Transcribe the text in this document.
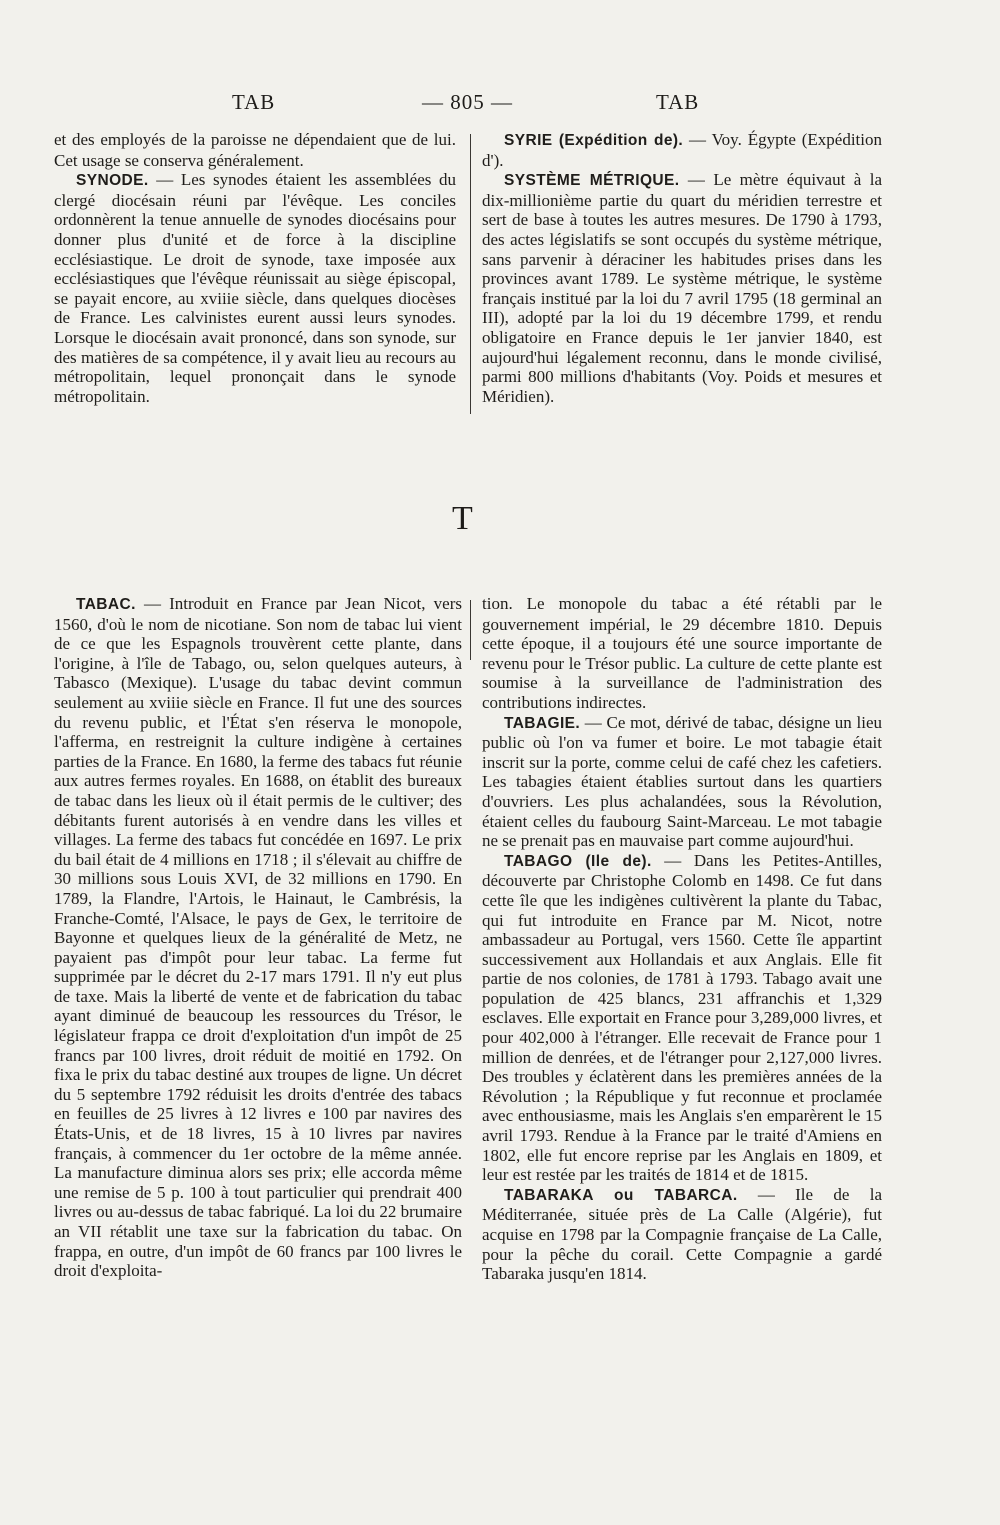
TAB	— 805 —	TAB

et des employés de la paroisse ne dépendaient que de lui. Cet usage se conserva généralement.

SYNODE. — Les synodes étaient les assemblées du clergé diocésain réuni par l'évêque. Les conciles ordonnèrent la tenue annuelle de synodes diocésains pour donner plus d'unité et de force à la discipline ecclésiastique. Le droit de synode, taxe imposée aux ecclésiastiques que l'évêque réunissait au siège épiscopal, se payait encore, au xviiie siècle, dans quelques diocèses de France. Les calvinistes eurent aussi leurs synodes. Lorsque le diocésain avait prononcé, dans son synode, sur des matières de sa compétence, il y avait lieu au recours au métropolitain, lequel prononçait dans le synode métropolitain.

SYRIE (Expédition de). — Voy. Égypte (Expédition d').

SYSTÈME MÉTRIQUE. — Le mètre équivaut à la dix-millionième partie du quart du méridien terrestre et sert de base à toutes les autres mesures. De 1790 à 1793, des actes législatifs se sont occupés du système métrique, sans parvenir à déraciner les habitudes prises dans les provinces avant 1789. Le système métrique, le système français institué par la loi du 7 avril 1795 (18 germinal an III), adopté par la loi du 19 décembre 1799, et rendu obligatoire en France depuis le 1er janvier 1840, est aujourd'hui légalement reconnu, dans le monde civilisé, parmi 800 millions d'habitants (Voy. Poids et mesures et Méridien).

T

TABAC. — Introduit en France par Jean Nicot, vers 1560, d'où le nom de nicotiane. Son nom de tabac lui vient de ce que les Espagnols trouvèrent cette plante, dans l'origine, à l'île de Tabago, ou, selon quelques auteurs, à Tabasco (Mexique). L'usage du tabac devint commun seulement au xviiie siècle en France. Il fut une des sources du revenu public, et l'État s'en réserva le monopole, l'afferma, en restreignit la culture indigène à certaines parties de la France. En 1680, la ferme des tabacs fut réunie aux autres fermes royales. En 1688, on établit des bureaux de tabac dans les lieux où il était permis de le cultiver; des débitants furent autorisés à en vendre dans les villes et villages. La ferme des tabacs fut concédée en 1697. Le prix du bail était de 4 millions en 1718 ; il s'élevait au chiffre de 30 millions sous Louis XVI, de 32 millions en 1790. En 1789, la Flandre, l'Artois, le Hainaut, le Cambrésis, la Franche-Comté, l'Alsace, le pays de Gex, le territoire de Bayonne et quelques lieux de la généralité de Metz, ne payaient pas d'impôt pour leur tabac. La ferme fut supprimée par le décret du 2-17 mars 1791. Il n'y eut plus de taxe. Mais la liberté de vente et de fabrication du tabac ayant diminué de beaucoup les ressources du Trésor, le législateur frappa ce droit d'exploitation d'un impôt de 25 francs par 100 livres, droit réduit de moitié en 1792. On fixa le prix du tabac destiné aux troupes de ligne. Un décret du 5 septembre 1792 réduisit les droits d'entrée des tabacs en feuilles de 25 livres à 12 livres e 100 par navires des États-Unis, et de 18 livres, 15 à 10 livres par navires français, à commencer du 1er octobre de la même année. La manufacture diminua alors ses prix; elle accorda même une remise de 5 p. 100 à tout particulier qui prendrait 400 livres ou au-dessus de tabac fabriqué. La loi du 22 brumaire an VII rétablit une taxe sur la fabrication du tabac. On frappa, en outre, d'un impôt de 60 francs par 100 livres le droit d'exploita-

tion. Le monopole du tabac a été rétabli par le gouvernement impérial, le 29 décembre 1810. Depuis cette époque, il a toujours été une source importante de revenu pour le Trésor public. La culture de cette plante est soumise à la surveillance de l'administration des contributions indirectes.

TABAGIE. — Ce mot, dérivé de tabac, désigne un lieu public où l'on va fumer et boire. Le mot tabagie était inscrit sur la porte, comme celui de café chez les cafetiers. Les tabagies étaient établies surtout dans les quartiers d'ouvriers. Les plus achalandées, sous la Révolution, étaient celles du faubourg Saint-Marceau. Le mot tabagie ne se prenait pas en mauvaise part comme aujourd'hui.

TABAGO (Ile de). — Dans les Petites-Antilles, découverte par Christophe Colomb en 1498. Ce fut dans cette île que les indigènes cultivèrent la plante du Tabac, qui fut introduite en France par M. Nicot, notre ambassadeur au Portugal, vers 1560. Cette île appartint successivement aux Hollandais et aux Anglais. Elle fit partie de nos colonies, de 1781 à 1793. Tabago avait une population de 425 blancs, 231 affranchis et 1,329 esclaves. Elle exportait en France pour 3,289,000 livres, et pour 402,000 à l'étranger. Elle recevait de France pour 1 million de denrées, et de l'étranger pour 2,127,000 livres. Des troubles y éclatèrent dans les premières années de la Révolution ; la République y fut reconnue et proclamée avec enthousiasme, mais les Anglais s'en emparèrent le 15 avril 1793. Rendue à la France par le traité d'Amiens en 1802, elle fut encore reprise par les Anglais en 1809, et leur est restée par les traités de 1814 et de 1815.

TABARAKA ou TABARCA. — Ile de la Méditerranée, située près de La Calle (Algérie), fut acquise en 1798 par la Compagnie française de La Calle, pour la pêche du corail. Cette Compagnie a gardé Tabaraka jusqu'en 1814.
